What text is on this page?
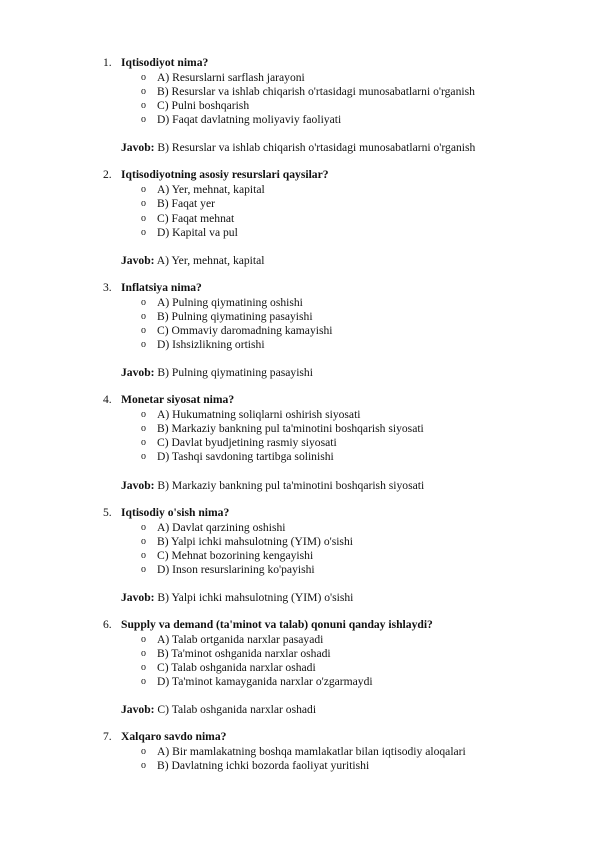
1. Iqtisodiyot nima?
o A) Resurslarni sarflash jarayoni
o B) Resurslar va ishlab chiqarish o'rtasidagi munosabatlarni o'rganish
o C) Pulni boshqarish
o D) Faqat davlatning moliyaviy faoliyati
Javob: B) Resurslar va ishlab chiqarish o'rtasidagi munosabatlarni o'rganish
2. Iqtisodiyotning asosiy resurslari qaysilar?
o A) Yer, mehnat, kapital
o B) Faqat yer
o C) Faqat mehnat
o D) Kapital va pul
Javob: A) Yer, mehnat, kapital
3. Inflatsiya nima?
o A) Pulning qiymatining oshishi
o B) Pulning qiymatining pasayishi
o C) Ommaviy daromadning kamayishi
o D) Ishsizlikning ortishi
Javob: B) Pulning qiymatining pasayishi
4. Monetar siyosat nima?
o A) Hukumatning soliqlarni oshirish siyosati
o B) Markaziy bankning pul ta'minotini boshqarish siyosati
o C) Davlat byudjetining rasmiy siyosati
o D) Tashqi savdoning tartibga solinishi
Javob: B) Markaziy bankning pul ta'minotini boshqarish siyosati
5. Iqtisodiy o'sish nima?
o A) Davlat qarzining oshishi
o B) Yalpi ichki mahsulotning (YIM) o'sishi
o C) Mehnat bozorining kengayishi
o D) Inson resurslarining ko'payishi
Javob: B) Yalpi ichki mahsulotning (YIM) o'sishi
6. Supply va demand (ta'minot va talab) qonuni qanday ishlaydi?
o A) Talab ortganida narxlar pasayadi
o B) Ta'minot oshganida narxlar oshadi
o C) Talab oshganida narxlar oshadi
o D) Ta'minot kamayganida narxlar o'zgarmaydi
Javob: C) Talab oshganida narxlar oshadi
7. Xalqaro savdo nima?
o A) Bir mamlakatning boshqa mamlakatlar bilan iqtisodiy aloqalari
o B) Davlatning ichki bozorda faoliyat yuritishi
